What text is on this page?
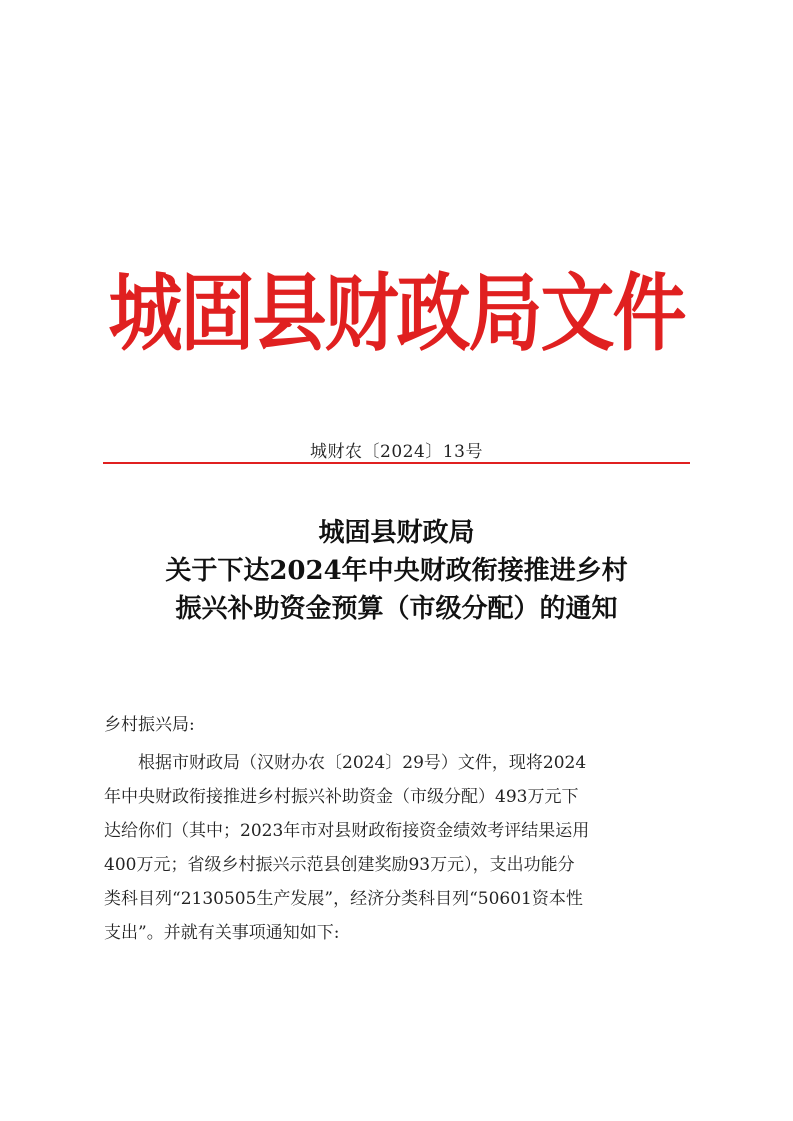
城固县财政局文件
城财农〔2024〕13号
城固县财政局
关于下达2024年中央财政衔接推进乡村
振兴补助资金预算（市级分配）的通知
乡村振兴局:
　　根据市财政局（汉财办农〔2024〕29号）文件，现将2024
年中央财政衔接推进乡村振兴补助资金（市级分配）493万元下
达给你们（其中；2023年市对县财政衔接资金绩效考评结果运用
400万元；省级乡村振兴示范县创建奖励93万元），支出功能分
类科目列“2130505生产发展”，经济分类科目列“50601资本性
支出”。并就有关事项通知如下:
